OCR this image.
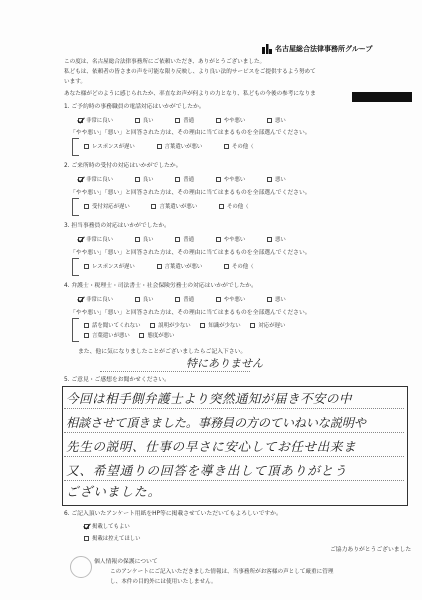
名古屋総合法律事務所グループ
この度は、名古屋総合法律事務所にご依頼いただき、ありがとうございました。
私どもは、依頼者の皆さまの声を可能な限り反映し、より良い法的サービスをご提供するよう努めて
います。
あなた様がどのように感じられたか、率直なお声が何よりの力となり、私どもの今後の参考になりま
1. ご予約時の事務職員の電話対応はいかがでしたか。
非常に良い	良い	普通	やや悪い	悪い
「やや悪い」「悪い」と回答された方は、その理由に当てはまるものを全部選んでください。
レスポンスが遅い	言葉遣いが悪い	その他（
2. ご来所時の受付の対応はいかがでしたか。
非常に良い	良い	普通	やや悪い	悪い
「やや悪い」「悪い」と回答された方は、その理由に当てはまるものを全部選んでください。
受付対応が遅い	言葉遣いが悪い	その他（
3. 担当事務員の対応はいかがでしたか。
非常に良い	良い	普通	やや悪い	悪い
「やや悪い」「悪い」と回答された方は、その理由に当てはまるものを全部選んでください。
レスポンスが遅い	言葉遣いが悪い	その他（
4. 弁護士・税理士・司法書士・社会保険労務士の対応はいかがでしたか。
非常に良い	良い	普通	やや悪い	悪い
「やや悪い」「悪い」と回答された方は、その理由に当てはまるものを全部選んでください。
話を聞いてくれない	説明が少ない	知識が少ない	対応が遅い
言葉遣いが悪い	態度が悪い
また、他に気になりましたことがございましたらご記入下さい。
特にありません
5. ご意見・ご感想をお聞かせください。
今回は相手側弁護士より突然通知が届き不安の中
相談させて頂きました。事務員の方のていねいな説明や
先生の説明、仕事の早さに安心してお任せ出来ま
又、希望通りの回答を導き出して頂ありがとう
ございました。
6. ご記入頂いたアンケート用紙をHP等に掲載させていただいてもよろしいですか。
掲載してもよい
掲載は控えてほしい
ご協力ありがとうございました
個人情報の保護について
このアンケートにご記入いただきました情報は、当事務所がお客様の声として厳重に管理
し、本件の目的外には使用いたしません。
